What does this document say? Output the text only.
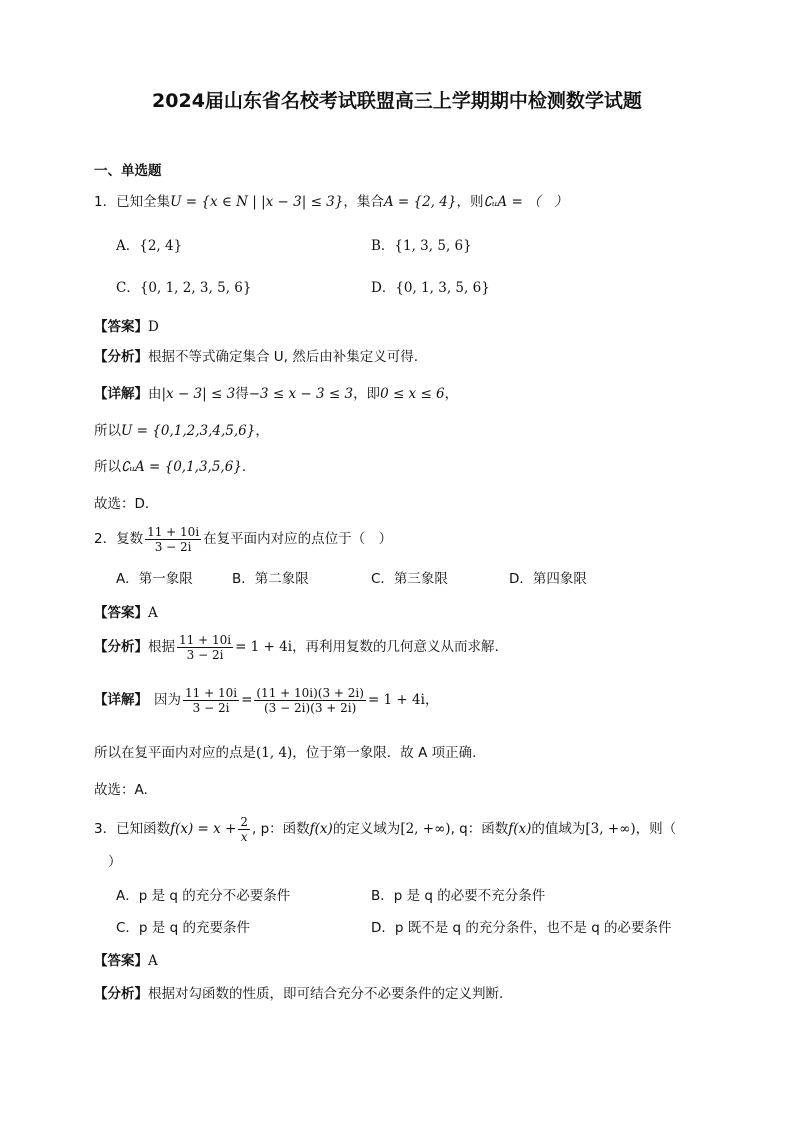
2024届山东省名校考试联盟高三上学期期中检测数学试题
一、单选题
1．已知全集U = {x ∈ N | |x − 3| ≤ 3}，集合A = {2, 4}，则∁ᵤA = （　）
A．{2, 4}	B．{1, 3, 5, 6}
C．{0, 1, 2, 3, 5, 6}	D．{0, 1, 3, 5, 6}
【答案】D
【分析】根据不等式确定集合 U, 然后由补集定义可得.
【详解】由|x − 3| ≤ 3得−3 ≤ x − 3 ≤ 3，即0 ≤ x ≤ 6，
所以U = {0,1,2,3,4,5,6}，
所以∁ᵤA = {0,1,3,5,6}．
故选：D．
2．复数 $\frac{11 + 10i}{3 - 2i}$ 在复平面内对应的点位于（　）
A．第一象限	B．第二象限	C．第三象限	D．第四象限
【答案】A
【分析】根据 $\frac{11 + 10i}{3 - 2i} = 1 + 4i$，再利用复数的几何意义从而求解.
【详解】 因为 $\frac{11 + 10i}{3 - 2i} = \frac{(11 + 10i)(3 + 2i)}{(3 - 2i)(3 + 2i)} = 1 + 4i$，
所以在复平面内对应的点是(1, 4)，位于第一象限．故 A 项正确.
故选：A.
3．已知函数$f(x) = x + \frac{2}{x}$ , p：函数f(x)的定义域为[2, +∞), q：函数f(x)的值域为[3, +∞)，则（
）
A．p 是 q 的充分不必要条件	B．p 是 q 的必要不充分条件
C．p 是 q 的充要条件	D．p 既不是 q 的充分条件，也不是 q 的必要条件
【答案】A
【分析】根据对勾函数的性质，即可结合充分不必要条件的定义判断.
